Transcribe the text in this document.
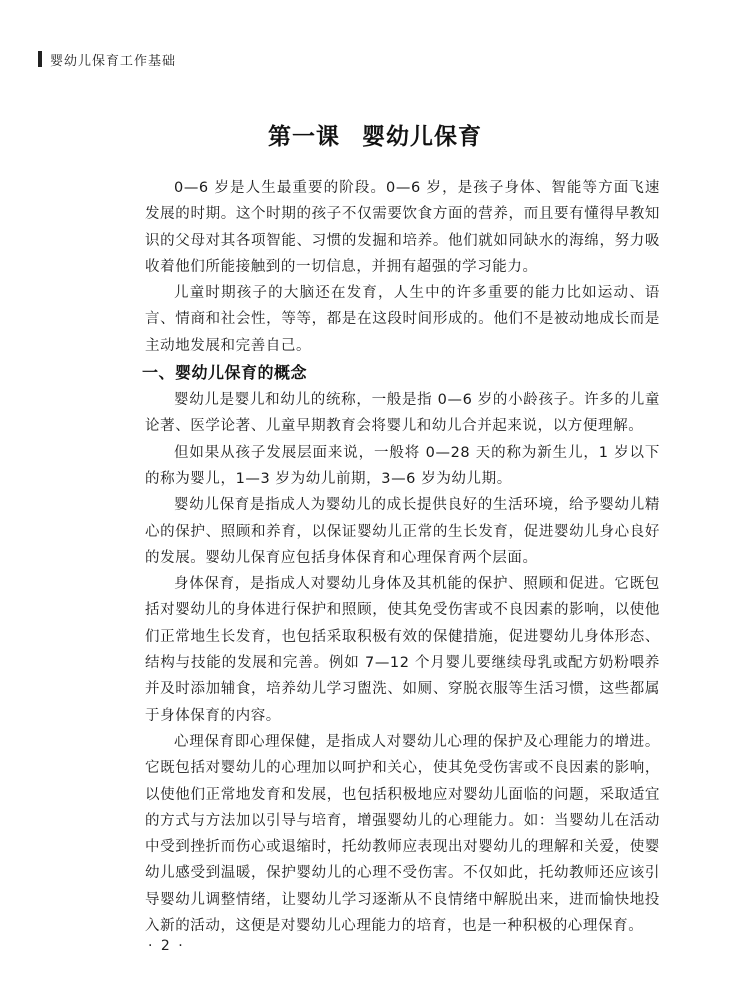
婴幼儿保育工作基础
第一课 婴幼儿保育

0—6 岁是人生最重要的阶段。0—6 岁，是孩子身体、智能等方面飞速发展的时期。这个时期的孩子不仅需要饮食方面的营养，而且要有懂得早教知识的父母对其各项智能、习惯的发掘和培养。他们就如同缺水的海绵，努力吸收着他们所能接触到的一切信息，并拥有超强的学习能力。

儿童时期孩子的大脑还在发育，人生中的许多重要的能力比如运动、语言、情商和社会性，等等，都是在这段时间形成的。他们不是被动地成长而是主动地发展和完善自己。

一、婴幼儿保育的概念

婴幼儿是婴儿和幼儿的统称，一般是指 0—6 岁的小龄孩子。许多的儿童论著、医学论著、儿童早期教育会将婴儿和幼儿合并起来说，以方便理解。

但如果从孩子发展层面来说，一般将 0—28 天的称为新生儿，1 岁以下的称为婴儿，1—3 岁为幼儿前期，3—6 岁为幼儿期。

婴幼儿保育是指成人为婴幼儿的成长提供良好的生活环境，给予婴幼儿精心的保护、照顾和养育，以保证婴幼儿正常的生长发育，促进婴幼儿身心良好的发展。婴幼儿保育应包括身体保育和心理保育两个层面。

身体保育，是指成人对婴幼儿身体及其机能的保护、照顾和促进。它既包括对婴幼儿的身体进行保护和照顾，使其免受伤害或不良因素的影响，以使他们正常地生长发育，也包括采取积极有效的保健措施，促进婴幼儿身体形态、结构与技能的发展和完善。例如 7—12 个月婴儿要继续母乳或配方奶粉喂养并及时添加辅食，培养幼儿学习盥洗、如厕、穿脱衣服等生活习惯，这些都属于身体保育的内容。

心理保育即心理保健，是指成人对婴幼儿心理的保护及心理能力的增进。它既包括对婴幼儿的心理加以呵护和关心，使其免受伤害或不良因素的影响，以使他们正常地发育和发展，也包括积极地应对婴幼儿面临的问题，采取适宜的方式与方法加以引导与培育，增强婴幼儿的心理能力。如：当婴幼儿在活动中受到挫折而伤心或退缩时，托幼教师应表现出对婴幼儿的理解和关爱，使婴幼儿感受到温暖，保护婴幼儿的心理不受伤害。不仅如此，托幼教师还应该引导婴幼儿调整情绪，让婴幼儿学习逐渐从不良情绪中解脱出来，进而愉快地投入新的活动，这便是对婴幼儿心理能力的培育，也是一种积极的心理保育。

· 2 ·
